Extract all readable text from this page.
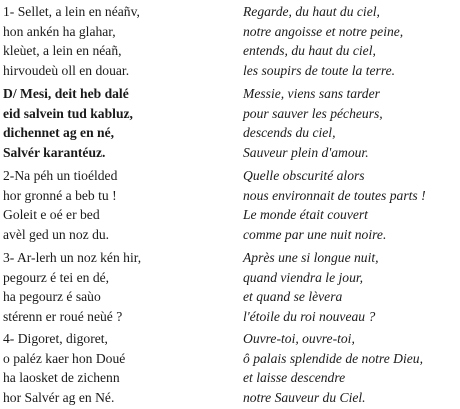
1- Sellet, a lein en néañv,
hon ankén ha glahar,
kleùet, a lein en néañ,
hirvoudeù oll en douar.
Regarde, du haut du ciel,
notre angoisse et notre peine,
entends, du haut du ciel,
les soupirs de toute la terre.
D/ Mesi, deit heb dalé
eid salvein tud kabluz,
dichennet ag en né,
Salvér karantéuz.
Messie, viens sans tarder
pour sauver les pécheurs,
descends du ciel,
Sauveur plein d'amour.
2-Na péh un tioélded
hor gronné a beb tu !
Goleit e oé er bed
avèl ged un noz du.
Quelle obscurité alors
nous environnait de toutes parts !
Le monde était couvert
comme par une nuit noire.
3- Ar-lerh un noz kén hir,
pegourz é tei en dé,
ha pegourz é saùo
stérenn er roué neùé ?
Après une si longue nuit,
quand viendra le jour,
et quand se lèvera
l'étoile du roi nouveau ?
4- Digoret, digoret,
o paléz kaer hon Doué
ha laosket de zichenn
hor Salvér ag en Né.
Ouvre-toi, ouvre-toi,
ô palais splendide de notre Dieu,
et laisse descendre
notre Sauveur du Ciel.
